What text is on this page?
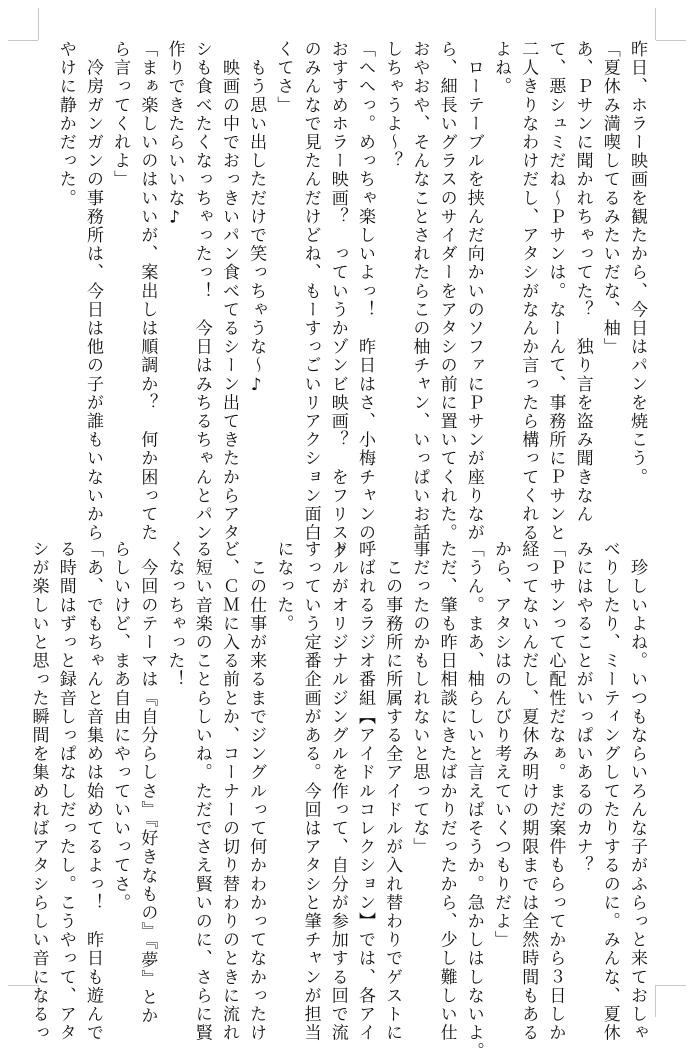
昨日、ホラー映画を観たから、今日はパンを焼こう。
「夏休み満喫してるみたいだな、柚」
あ、Ｐサンに聞かれちゃってた？　独り言を盗み聞きなん
て、悪シュミだね～Ｐサンは。なーんて、事務所にＰサンと
二人きりなわけだし、アタシがなんか言ったら構ってくれる
よね。
　ローテーブルを挟んだ向かいのソファにＰサンが座りなが
ら、細長いグラスのサイダーをアタシの前に置いてくれた。
おやおや、そんなことされたらこの柚チャン、いっぱいお話
しちゃうよ～？
「へへっ。めっちゃ楽しいよっ！　昨日はさ、小梅チャンの
おすすめホラー映画？　っていうかゾンビ映画？　をフリスク
のみんなで見たんだけどね、もーすっごいリアクション面白
くてさ」
　もう思い出しただけで笑っちゃうな～♪
　映画の中でおっきいパン食べてるシーン出てきたからアタ
シも食べたくなっちゃったっ！　今日はみちるちゃんとパン
作りできたらいいな♪
「まぁ楽しいのはいいが、案出しは順調か？　何か困ってた
ら言ってくれよ」
　冷房ガンガンの事務所は、今日は他の子が誰もいないから
やけに静かだった。
　珍しいよね。いつもならいろんな子がふらっと来ておしゃ
べりしたり、ミーティングしてたりするのに。みんな、夏休
みにはやることがいっぱいあるのカナ？
「Ｐサンって心配性だなぁ。まだ案件もらってから３日しか
経ってないんだし、夏休み明けの期限までは全然時間もある
から、アタシはのんびり考えていくつもりだよ」
「うん。まあ、柚らしいと言えばそうか。急かしはしないよ。
ただ、肇も昨日相談にきたばかりだったから、少し難しい仕
事だったのかもしれないと思ってな」
　この事務所に所属する全アイドルが入れ替わりでゲストに
呼ばれるラジオ番組【アイドルコレクション】では、各アイ
ドルがオリジナルジングルを作って、自分が参加する回で流
すっていう定番企画がある。今回はアタシと肇チャンが担当
になった。
　この仕事が来るまでジングルって何かわかってなかったけ
ど、ＣＭに入る前とか、コーナーの切り替わりのときに流れ
る短い音楽のことらしいね。ただでさえ賢いのに、さらに賢
くなっちゃった！
　今回のテーマは『自分らしさ』『好きなもの』『夢』とか
らしいけど、まあ自由にやっていいってさ。
「あ、でもちゃんと音集めは始めてるよっ！　昨日も遊んで
る時間はずっと録音しっぱなしだったし。こうやって、アタ
シが楽しいと思った瞬間を集めればアタシらしい音になるっ
